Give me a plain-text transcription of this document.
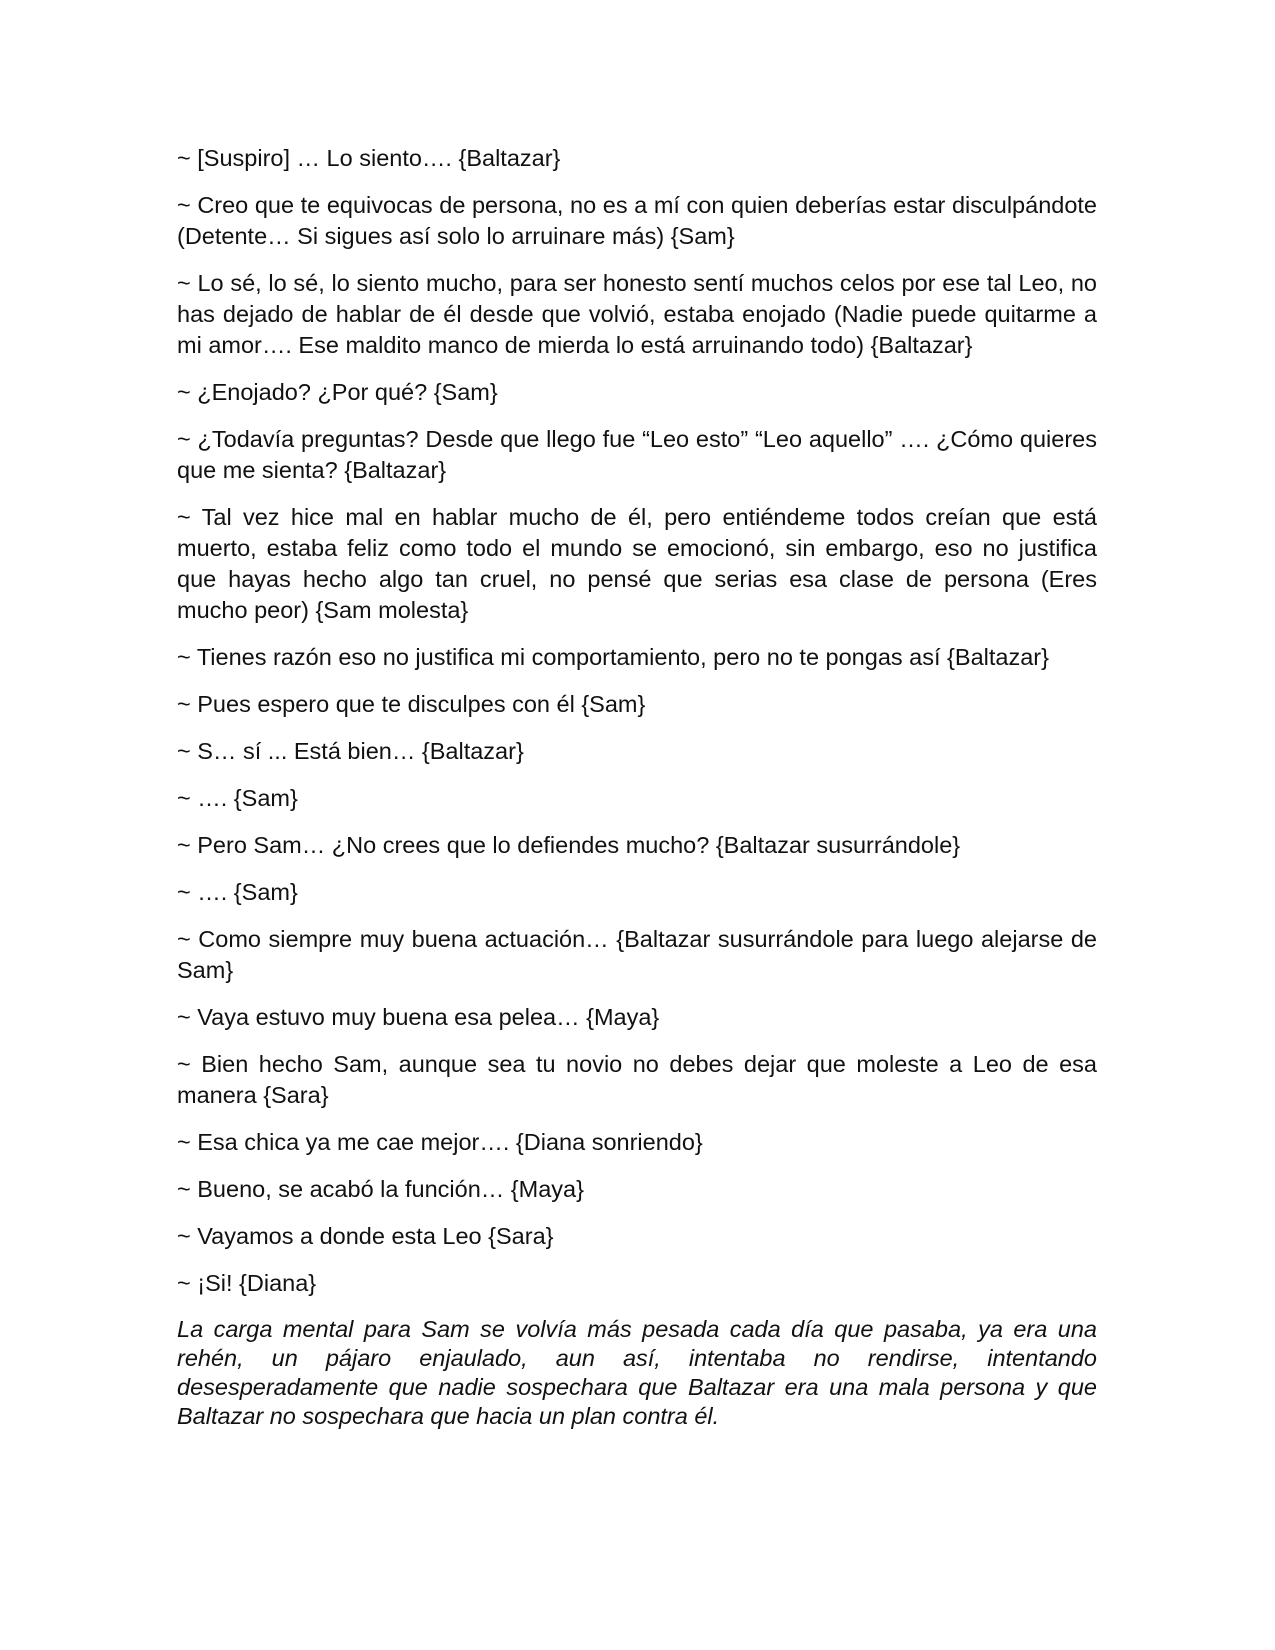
~ [Suspiro] … Lo siento…. {Baltazar}

~ Creo que te equivocas de persona, no es a mí con quien deberías estar disculpándote (Detente… Si sigues así solo lo arruinare más) {Sam}

~ Lo sé, lo sé, lo siento mucho, para ser honesto sentí muchos celos por ese tal Leo, no has dejado de hablar de él desde que volvió, estaba enojado (Nadie puede quitarme a mi amor…. Ese maldito manco de mierda lo está arruinando todo) {Baltazar}

~ ¿Enojado? ¿Por qué? {Sam}

~ ¿Todavía preguntas? Desde que llego fue “Leo esto” “Leo aquello” …. ¿Cómo quieres que me sienta? {Baltazar}

~ Tal vez hice mal en hablar mucho de él, pero entiéndeme todos creían que está muerto, estaba feliz como todo el mundo se emocionó, sin embargo, eso no justifica que hayas hecho algo tan cruel, no pensé que serias esa clase de persona (Eres mucho peor) {Sam molesta}

~ Tienes razón eso no justifica mi comportamiento, pero no te pongas así {Baltazar}

~ Pues espero que te disculpes con él {Sam}

~ S… sí ... Está bien… {Baltazar}

~ …. {Sam}

~ Pero Sam… ¿No crees que lo defiendes mucho? {Baltazar susurrándole}

~ …. {Sam}

~ Como siempre muy buena actuación… {Baltazar susurrándole para luego alejarse de Sam}

~ Vaya estuvo muy buena esa pelea… {Maya}

~ Bien hecho Sam, aunque sea tu novio no debes dejar que moleste a Leo de esa manera {Sara}

~ Esa chica ya me cae mejor…. {Diana sonriendo}

~ Bueno, se acabó la función… {Maya}

~ Vayamos a donde esta Leo {Sara}

~ ¡Si! {Diana}

La carga mental para Sam se volvía más pesada cada día que pasaba, ya era una rehén, un pájaro enjaulado, aun así, intentaba no rendirse, intentando desesperadamente que nadie sospechara que Baltazar era una mala persona y que Baltazar no sospechara que hacia un plan contra él.
